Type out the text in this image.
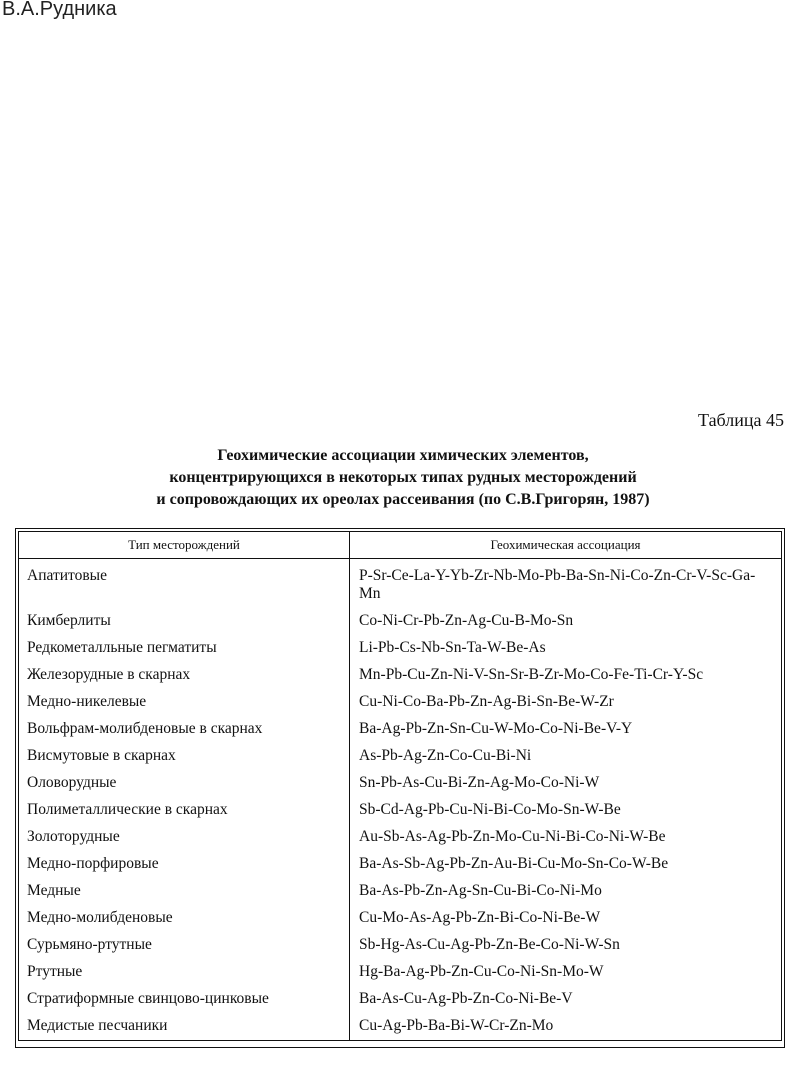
В.А.Рудника
Таблица 45
Геохимические ассоциации химических элементов,
концентрирующихся в некоторых типах рудных месторождений
и сопровождающих их ореолах рассеивания (по С.В.Григорян, 1987)
Тип месторождений	Геохимическая ассоциация
Апатитовые	P-Sr-Ce-La-Y-Yb-Zr-Nb-Mo-Pb-Ba-Sn-Ni-Co-Zn-Cr-V-Sc-Ga-Mn
Кимберлиты	Co-Ni-Cr-Pb-Zn-Ag-Cu-B-Mo-Sn
Редкометалльные пегматиты	Li-Pb-Cs-Nb-Sn-Ta-W-Be-As
Железорудные в скарнах	Mn-Pb-Cu-Zn-Ni-V-Sn-Sr-B-Zr-Mo-Co-Fe-Ti-Cr-Y-Sc
Медно-никелевые	Cu-Ni-Co-Ba-Pb-Zn-Ag-Bi-Sn-Be-W-Zr
Вольфрам-молибденовые в скарнах	Ba-Ag-Pb-Zn-Sn-Cu-W-Mo-Co-Ni-Be-V-Y
Висмутовые в скарнах	As-Pb-Ag-Zn-Co-Cu-Bi-Ni
Оловорудные	Sn-Pb-As-Cu-Bi-Zn-Ag-Mo-Co-Ni-W
Полиметаллические в скарнах	Sb-Cd-Ag-Pb-Cu-Ni-Bi-Co-Mo-Sn-W-Be
Золоторудные	Au-Sb-As-Ag-Pb-Zn-Mo-Cu-Ni-Bi-Co-Ni-W-Be
Медно-порфировые	Ba-As-Sb-Ag-Pb-Zn-Au-Bi-Cu-Mo-Sn-Co-W-Be
Медные	Ba-As-Pb-Zn-Ag-Sn-Cu-Bi-Co-Ni-Mo
Медно-молибденовые	Cu-Mo-As-Ag-Pb-Zn-Bi-Co-Ni-Be-W
Сурьмяно-ртутные	Sb-Hg-As-Cu-Ag-Pb-Zn-Be-Co-Ni-W-Sn
Ртутные	Hg-Ba-Ag-Pb-Zn-Cu-Co-Ni-Sn-Mo-W
Стратиформные свинцово-цинковые	Ba-As-Cu-Ag-Pb-Zn-Co-Ni-Be-V
Медистые песчаники	Cu-Ag-Pb-Ba-Bi-W-Cr-Zn-Mo
